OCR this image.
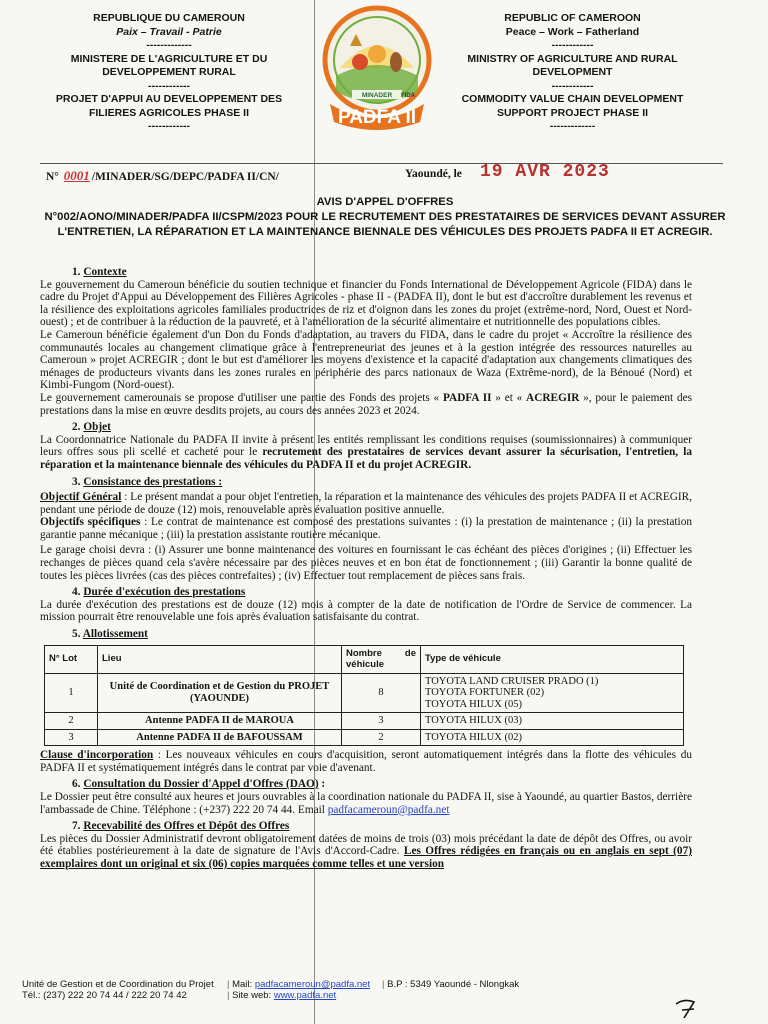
REPUBLIQUE DU CAMEROUN
Paix – Travail - Patrie
-------------
MINISTERE DE L'AGRICULTURE ET DU DEVELOPPEMENT RURAL
------------
PROJET D'APPUI AU DEVELOPPEMENT DES FILIERES AGRICOLES PHASE II
------------
MINADER FIDA
PADFA II
REPUBLIC OF CAMEROON
Peace – Work – Fatherland
------------
MINISTRY OF AGRICULTURE AND RURAL DEVELOPMENT
------------
COMMODITY VALUE CHAIN DEVELOPMENT SUPPORT PROJECT PHASE II
-------------
N° 0001 /MINADER/SG/DEPC/PADFA II/CN/	Yaoundé, le 19 AVR 2023
AVIS D'APPEL D'OFFRES
N°002/AONO/MINADER/PADFA II/CSPM/2023 POUR LE RECRUTEMENT DES PRESTATAIRES DE SERVICES DEVANT ASSURER L'ENTRETIEN, LA RÉPARATION ET LA MAINTENANCE BIENNALE DES VÉHICULES DES PROJETS PADFA II ET ACREGIR.
1. Contexte

Le gouvernement du Cameroun bénéficie du soutien technique et financier du Fonds International de Développement Agricole (FIDA) dans le cadre du Projet d'Appui au Développement des Filières Agricoles - phase II - (PADFA II), dont le but est d'accroître durablement les revenus et la résilience des exploitations agricoles familiales productrices de riz et d'oignon dans les zones du projet (extrême-nord, Nord, Ouest et Nord-ouest) ; et de contribuer à la réduction de la pauvreté, et à l'amélioration de la sécurité alimentaire et nutritionnelle des populations cibles.

Le Cameroun bénéficie également d'un Don du Fonds d'adaptation, au travers du FIDA, dans le cadre du projet « Accroître la résilience des communautés locales au changement climatique grâce à l'entrepreneuriat des jeunes et à la gestion intégrée des ressources naturelles au Cameroun » projet ACREGIR ; dont le but est d'améliorer les moyens d'existence et la capacité d'adaptation aux changements climatiques des ménages de producteurs vivants dans les zones rurales en périphérie des parcs nationaux de Waza (Extrême-nord), de la Bénoué (Nord) et Kimbi-Fungom (Nord-ouest).

Le gouvernement camerounais se propose d'utiliser une partie des Fonds des projets « PADFA II » et « ACREGIR », pour le paiement des prestations dans la mise en œuvre desdits projets, au cours des années 2023 et 2024.

2. Objet

La Coordonnatrice Nationale du PADFA II invite à présent les entités remplissant les conditions requises (soumissionnaires) à communiquer leurs offres sous pli scellé et cacheté pour le recrutement des prestataires de services devant assurer la sécurisation, l'entretien, la réparation et la maintenance biennale des véhicules du PADFA II et du projet ACREGIR.

3. Consistance des prestations :

Objectif Général : Le présent mandat a pour objet l'entretien, la réparation et la maintenance des véhicules des projets PADFA II et ACREGIR, pendant une période de douze (12) mois, renouvelable après évaluation positive annuelle.

Objectifs spécifiques : Le contrat de maintenance est composé des prestations suivantes : (i) la prestation de maintenance ; (ii) la prestation garantie panne mécanique ; (iii) la prestation assistante routière mécanique.

Le garage choisi devra : (i) Assurer une bonne maintenance des voitures en fournissant le cas échéant des pièces d'origines ; (ii) Effectuer les rechanges de pièces quand cela s'avère nécessaire par des pièces neuves et en bon état de fonctionnement ; (iii) Garantir la bonne qualité de toutes les pièces livrées (cas des pièces contrefaites) ; (iv) Effectuer tout remplacement de pièces sans frais.

4. Durée d'exécution des prestations

La durée d'exécution des prestations est de douze (12) mois à compter de la date de notification de l'Ordre de Service de commencer. La mission pourrait être renouvelable une fois après évaluation satisfaisante du contrat.

5. Allotissement
N° Lot	Lieu	Nombre de véhicule	Type de véhicule
1	Unité de Coordination et de Gestion du PROJET (YAOUNDE)	8	TOYOTA LAND CRUISER PRADO (1)
TOYOTA FORTUNER (02)
TOYOTA HILUX (05)

2	Antenne PADFA II de MAROUA	3	TOYOTA HILUX (03)
3	Antenne PADFA II de BAFOUSSAM	2	TOYOTA HILUX (02)

Clause d'incorporation : Les nouveaux véhicules en cours d'acquisition, seront automatiquement intégrés dans la flotte des véhicules du PADFA II et systématiquement intégrés dans le contrat par voie d'avenant.

6. Consultation du Dossier d'Appel d'Offres (DAO) :

Le Dossier peut être consulté aux heures et jours ouvrables à la coordination nationale du PADFA II, sise à Yaoundé, au quartier Bastos, derrière l'ambassade de Chine. Téléphone : (+237) 222 20 74 44. Email padfacameroun@padfa.net

7. Recevabilité des Offres et Dépôt des Offres

Les pièces du Dossier Administratif devront obligatoirement datées de moins de trois (03) mois précédant la date de dépôt des Offres, ou avoir été établies postérieurement à la date de signature de l'Avis d'Accord-Cadre. Les Offres rédigées en français ou en anglais en sept (07) exemplaires dont un original et six (06) copies marquées comme telles et une version

Unité de Gestion et de Coordination du Projet
Tél.: (237) 222 20 74 44 / 222 20 74 42
| Mail: padfacameroun@padfa.net
| Site web: www.padfa.net
| B.P : 5349 Yaoundé - Nlongkak
